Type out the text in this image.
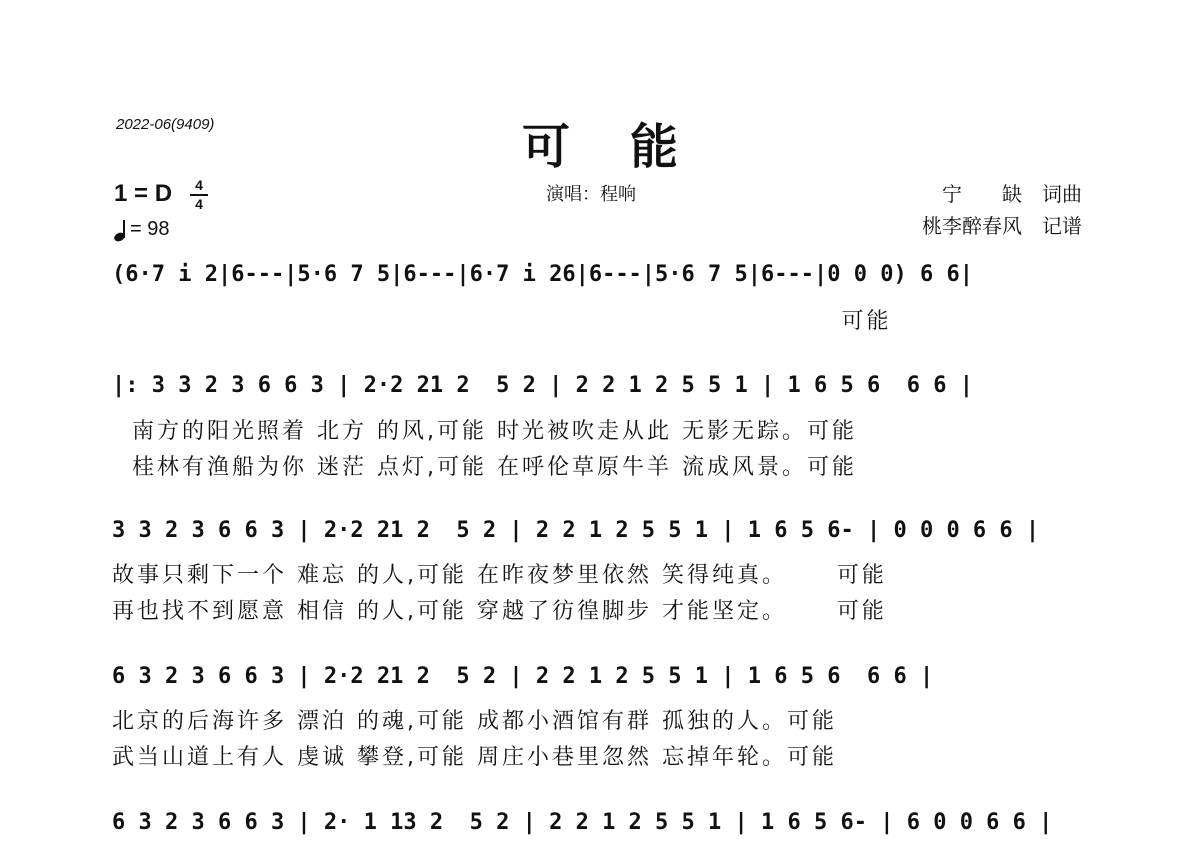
2022-06(9409)	可能
1 = D	4
4
= 98
演唱：程响	宁　　缺　词曲
桃李醉春风　记谱
(6·7 i 2|6---|5·6 7 5|6---|6·7 i 26|6---|5·6 7 5|6---|0 0 0) 6 6|
可能
|: 3 3 2 3 6 6 3 | 2·2 21 2  5 2 | 2 2 1 2 5 5 1 | 1 6 5 6  6 6 |
南方的阳光照着 北方 的风,可能 时光被吹走从此 无影无踪。可能
桂林有渔船为你 迷茫 点灯,可能 在呼伦草原牛羊 流成风景。可能
3 3 2 3 6 6 3 | 2·2 21 2  5 2 | 2 2 1 2 5 5 1 | 1 6 5 6- | 0 0 0 6 6 |
故事只剩下一个 难忘 的人,可能 在昨夜梦里依然 笑得纯真。     可能
再也找不到愿意 相信 的人,可能 穿越了彷徨脚步 才能坚定。     可能
6 3 2 3 6 6 3 | 2·2 21 2  5 2 | 2 2 1 2 5 5 1 | 1 6 5 6  6 6 |
北京的后海许多 漂泊 的魂,可能 成都小酒馆有群 孤独的人。可能
武当山道上有人 虔诚 攀登,可能 周庄小巷里忽然 忘掉年轮。可能
6 3 2 3 6 6 3 | 2· 1 13 2  5 2 | 2 2 1 2 5 5 1 | 1 6 5 6- | 6 0 0 6 6 |
